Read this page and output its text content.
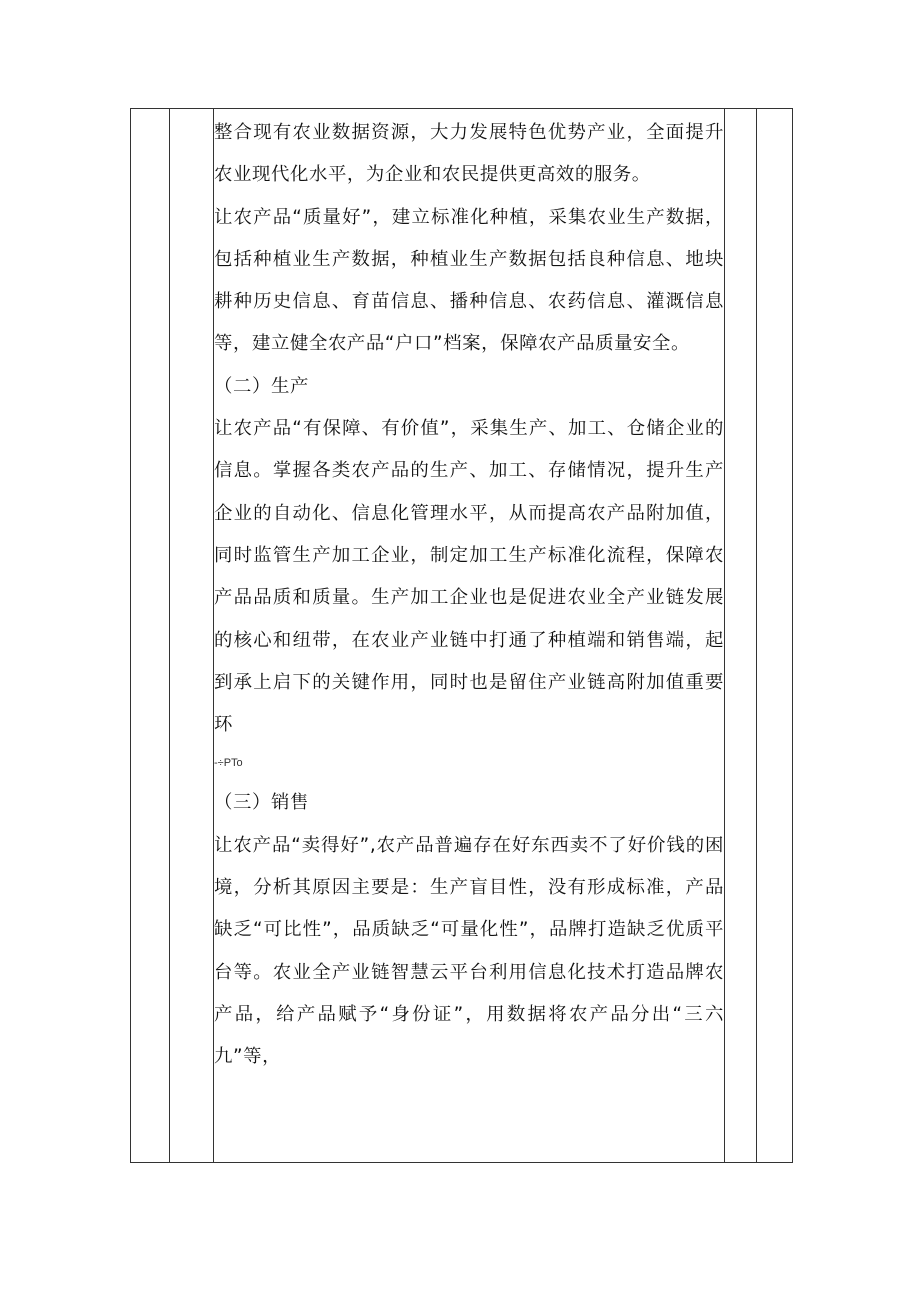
整合现有农业数据资源，大力发展特色优势产业，全面提升农业现代化水平，为企业和农民提供更高效的服务。

让农产品“质量好”，建立标准化种植，采集农业生产数据，包括种植业生产数据，种植业生产数据包括良种信息、地块耕种历史信息、育苗信息、播种信息、农药信息、灌溉信息等，建立健全农产品“户口”档案，保障农产品质量安全。

（二）生产

让农产品“有保障、有价值”，采集生产、加工、仓储企业的信息。掌握各类农产品的生产、加工、存储情况，提升生产企业的自动化、信息化管理水平，从而提高农产品附加值，同时监管生产加工企业，制定加工生产标准化流程，保障农产品品质和质量。生产加工企业也是促进农业全产业链发展的核心和纽带，在农业产业链中打通了种植端和销售端，起到承上启下的关键作用，同时也是留住产业链高附加值重要环

-÷PTo

（三）销售

让农产品“卖得好”,农产品普遍存在好东西卖不了好价钱的困境，分析其原因主要是：生产盲目性，没有形成标准，产品缺乏“可比性”，品质缺乏“可量化性”，品牌打造缺乏优质平台等。农业全产业链智慧云平台利用信息化技术打造品牌农产品，给产品赋予“身份证”，用数据将农产品分出“三六九”等，
